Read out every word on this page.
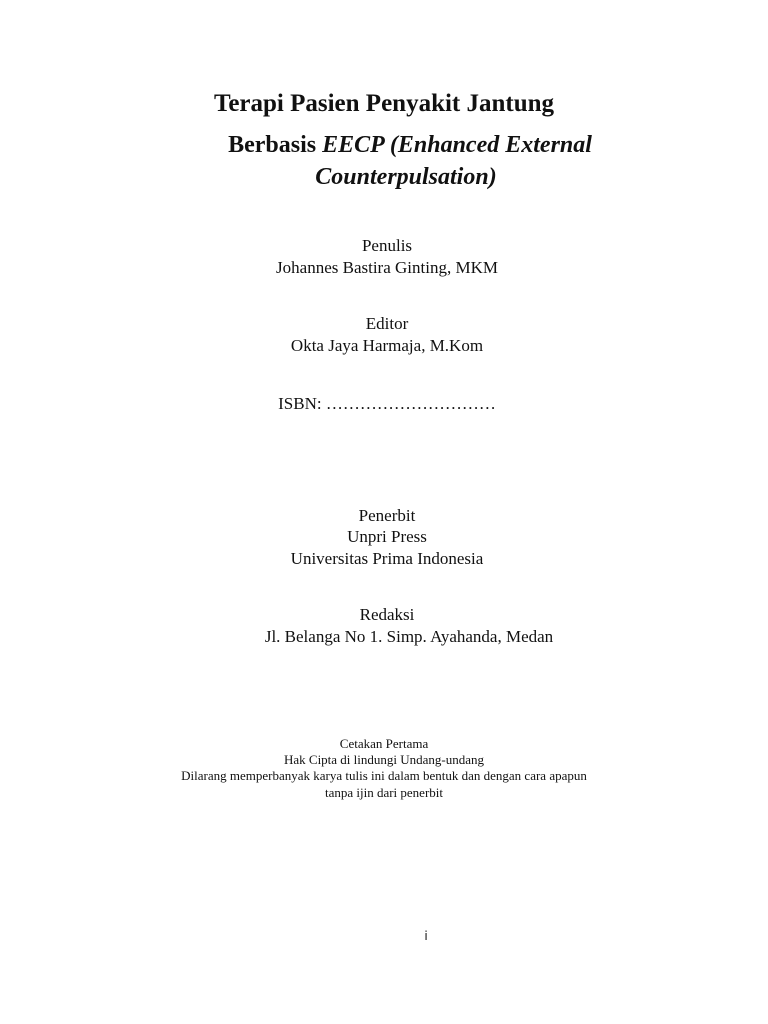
Terapi Pasien Penyakit Jantung
Berbasis EECP (Enhanced External
Counterpulsation)
Penulis
Johannes Bastira Ginting, MKM
Editor
Okta Jaya Harmaja, M.Kom
ISBN: …………………………
Penerbit
Unpri Press
Universitas Prima Indonesia
Redaksi
Jl. Belanga No 1. Simp. Ayahanda, Medan
Cetakan Pertama
Hak Cipta di lindungi Undang-undang
Dilarang memperbanyak karya tulis ini dalam bentuk dan dengan cara apapun
tanpa ijin dari penerbit
i
